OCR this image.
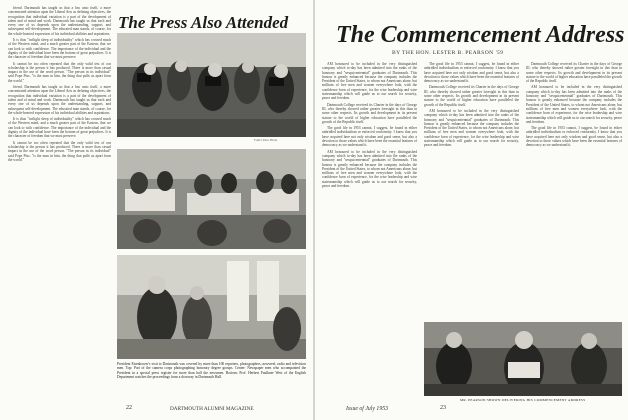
friend. Dartmouth has taught us that a law unto itself, a more concentrated attention upon the Liberal Arts as defining objectives, the recognition that individual variation is a part of the development of talent and of mind and work. Dartmouth has taught us that each and every one of us depends upon the understanding, support, and subsequent self-development. The educated man stands, of course, for the whole-hearted expression of his individual abilities and aspirations.

It is thus "twilight sleep of individuality" which has crossed much of the Western mind, and a much greater part of the Eastern, that we can look to with confidence. The importance of the individual and the dignity of the individual have been the bottom of great prejudices. It is the character of freedom that we must preserve.

It cannot be too often repeated that the only valid test of our scholarship is the person it has produced. There is more than casual impact in the use of the word person. "The person in its individual" said Pope Pius. "is the man in him, the thing that pulls us apart from the world."

friend. Dartmouth has taught us that a law unto itself, a more concentrated attention upon the Liberal Arts as defining objectives, the recognition that individual variation is a part of the development of talent and of mind and work. Dartmouth has taught us that each and every one of us depends upon the understanding, support, and subsequent self-development. The educated man stands, of course, for the whole-hearted expression of his individual abilities and aspirations.

It is thus "twilight sleep of individuality" which has crossed much of the Western mind, and a much greater part of the Eastern, that we can look to with confidence. The importance of the individual and the dignity of the individual have been the bottom of great prejudices. It is the character of freedom that we must preserve.

It cannot be too often repeated that the only valid test of our scholarship is the person it has produced. There is more than casual impact in the use of the word person. "The person in its individual" said Pope Pius. "is the man in him, the thing that pulls us apart from the world."

The Press Also Attended
Fuller Pass Photo
President Eisenhower's visit to Dartmouth was covered by more than 100 reporters, photographers, newsreel, radio and television men. Top: Part of the camera corps photographing honorary degree groups. Center: Newspaper men who accompanied the President in a special press register for more than half the newsmen. Bottom: Prof. Herbert Faulkner West of the English Department watches the proceedings from a doorway in Dartmouth Hall.
22	DARTMOUTH ALUMNI MAGAZINE
The Commencement Address
BY THE HON. LESTER B. PEARSON '59

AM honoured to be included in the very distinguished company which to-day has been admitted into the ranks of the honorary and "sesquicentennial" graduates of Dartmouth. This honour is greatly enhanced because the company includes the President of the United States, to whom not Americans alone, but millions of free men and women everywhere look, with the confidence born of experience, for the wise leadership and wise statesmanship which will guide us to our search for security, peace and freedom.

Dartmouth College received its Charter in the days of George III, who thereby showed rather greater foresight in this than in some other respects. Its growth and development in its present stature to the world of higher education have paralleled the growth of the Republic itself.

The good life in 1953 cannot, I suggest, be found in either unbridled individualism or enforced conformity. I know that you have acquired here not only wisdom and good sense, but also a devotion to those values which have been the essential features of democracy as we understand it.

AM honoured to be included in the very distinguished company which to-day has been admitted into the ranks of the honorary and "sesquicentennial" graduates of Dartmouth. This honour is greatly enhanced because the company includes the President of the United States, to whom not Americans alone, but millions of free men and women everywhere look, with the confidence born of experience, for the wise leadership and wise statesmanship which will guide us to our search for security, peace and freedom.

The good life in 1953 cannot, I suggest, be found in either unbridled individualism or enforced conformity. I know that you have acquired here not only wisdom and good sense, but also a devotion to those values which have been the essential features of democracy as we understand it.

Dartmouth College received its Charter in the days of George III, who thereby showed rather greater foresight in this than in some other respects. Its growth and development in its present stature to the world of higher education have paralleled the growth of the Republic itself.

AM honoured to be included in the very distinguished company which to-day has been admitted into the ranks of the honorary and "sesquicentennial" graduates of Dartmouth. This honour is greatly enhanced because the company includes the President of the United States, to whom not Americans alone, but millions of free men and women everywhere look, with the confidence born of experience, for the wise leadership and wise statesmanship which will guide us to our search for security, peace and freedom.

Dartmouth College received its Charter in the days of George III, who thereby showed rather greater foresight in this than in some other respects. Its growth and development in its present stature to the world of higher education have paralleled the growth of the Republic itself.

AM honoured to be included in the very distinguished company which to-day has been admitted into the ranks of the honorary and "sesquicentennial" graduates of Dartmouth. This honour is greatly enhanced because the company includes the President of the United States, to whom not Americans alone, but millions of free men and women everywhere look, with the confidence born of experience, for the wise leadership and wise statesmanship which will guide us to our search for security, peace and freedom.

The good life in 1953 cannot, I suggest, be found in either unbridled individualism or enforced conformity. I know that you have acquired here not only wisdom and good sense, but also a devotion to those values which have been the essential features of democracy as we understand it.

MR. PEARSON SHOWN DELIVERING HIS COMMENCEMENT ADDRESS
Issue of July 1953	23
